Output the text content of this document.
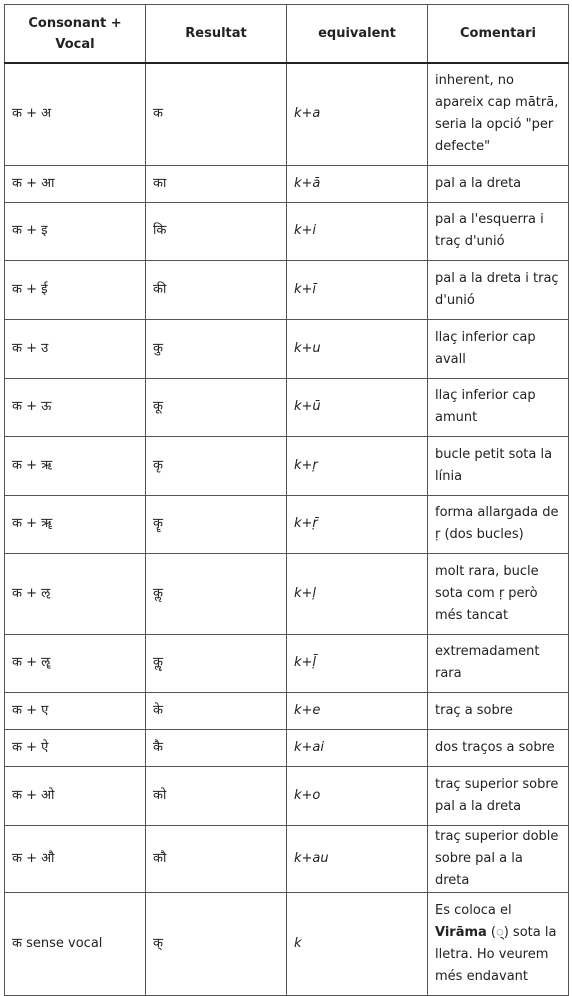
Consonant + Vocal	Resultat	equivalent	Comentari
क + अ	क	k+a	inherent, no apareix cap mātrā, seria la opció "per defecte"
क + आ	का	k+ā	pal a la dreta
क + इ	कि	k+i	pal a l'esquerra i traç d'unió
क + ई	की	k+ī	pal a la dreta i traç d'unió
क + उ	कु	k+u	llaç inferior cap avall
क + ऊ	कू	k+ū	llaç inferior cap amunt
क + ऋ	कृ	k+ṛ	bucle petit sota la línia
क + ॠ	कॄ	k+ṝ	forma allargada de ṛ (dos bucles)
क + ऌ	कॢ	k+ḷ	molt rara, bucle sota com ṛ però més tancat
क + ॡ	कॣ	k+ḹ	extremadament rara
क + ए	के	k+e	traç a sobre
क + ऐ	कै	k+ai	dos traços a sobre
क + ओ	को	k+o	traç superior sobre pal a la dreta
क + औ	कौ	k+au	traç superior doble sobre pal a la dreta
क sense vocal	क्	k	Es coloca el Virāma (्) sota la lletra. Ho veurem més endavant
